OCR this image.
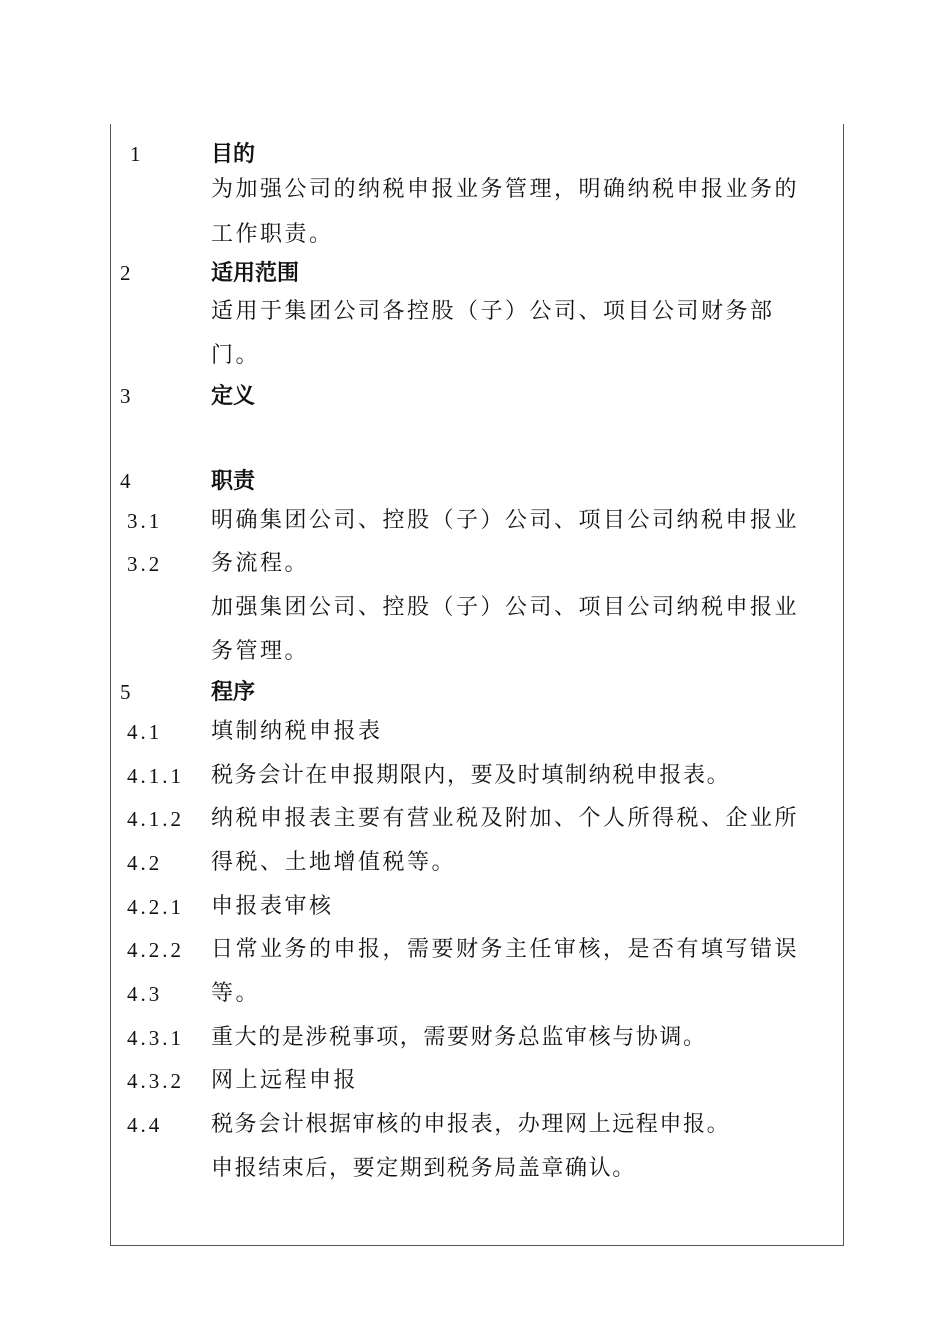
1	目的
为加强公司的纳税申报业务管理，明确纳税申报业务的
工作职责。
2	适用范围
适用于集团公司各控股（子）公司、项目公司财务部
门。
3	定义
4	职责
3.1 明确集团公司、控股（子）公司、项目公司纳税申报业
3.2 务流程。
加强集团公司、控股（子）公司、项目公司纳税申报业
务管理。
5	程序
4.1 填制纳税申报表
4.1.1 税务会计在申报期限内，要及时填制纳税申报表。
4.1.2 纳税申报表主要有营业税及附加、个人所得税、企业所
4.2 得税、土地增值税等。
4.2.1 申报表审核
4.2.2 日常业务的申报，需要财务主任审核，是否有填写错误
4.3 等。
4.3.1 重大的是涉税事项，需要财务总监审核与协调。
4.3.2 网上远程申报
4.4 税务会计根据审核的申报表，办理网上远程申报。
申报结束后，要定期到税务局盖章确认。
